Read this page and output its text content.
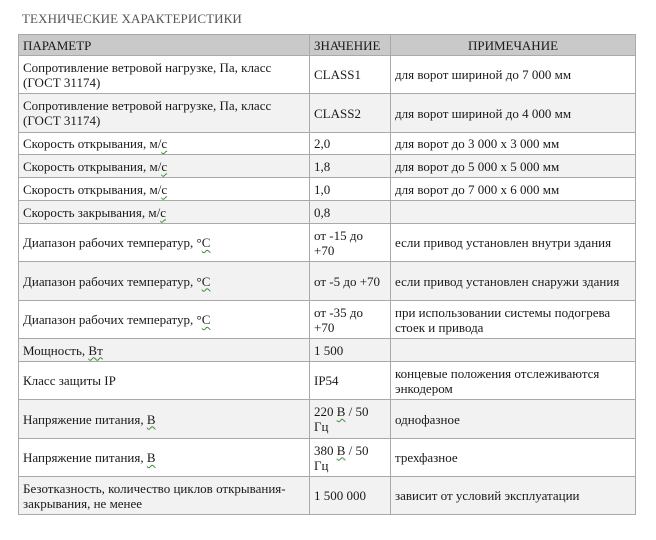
ТЕХНИЧЕСКИЕ ХАРАКТЕРИСТИКИ
ПАРАМЕТР	ЗНАЧЕНИЕ	ПРИМЕЧАНИЕ
Сопротивление ветровой нагрузке, Па, класс (ГОСТ 31174)	CLASS1	для ворот шириной до 7 000 мм
Сопротивление ветровой нагрузке, Па, класс (ГОСТ 31174)	CLASS2	для ворот шириной до 4 000 мм
Скорость открывания, м/с	2,0	для ворот до 3 000 х 3 000 мм
Скорость открывания, м/с	1,8	для ворот до 5 000 х 5 000 мм
Скорость открывания, м/с	1,0	для ворот до 7 000 х 6 000 мм
Скорость закрывания, м/с	0,8	
Диапазон рабочих температур, °С	от -15 до +70	если привод установлен внутри здания
Диапазон рабочих температур, °С	от -5 до +70	если привод установлен снаружи здания
Диапазон рабочих температур, °С	от -35 до +70	при использовании системы подогрева стоек и привода
Мощность, Вт	1 500	
Класс защиты IP	IP54	концевые положения отслеживаются энкодером
Напряжение питания, В	220 В / 50 Гц	однофазное
Напряжение питания, В	380 В / 50 Гц	трехфазное
Безотказность, количество циклов открывания-закрывания, не менее	1 500 000	зависит от условий эксплуатации
